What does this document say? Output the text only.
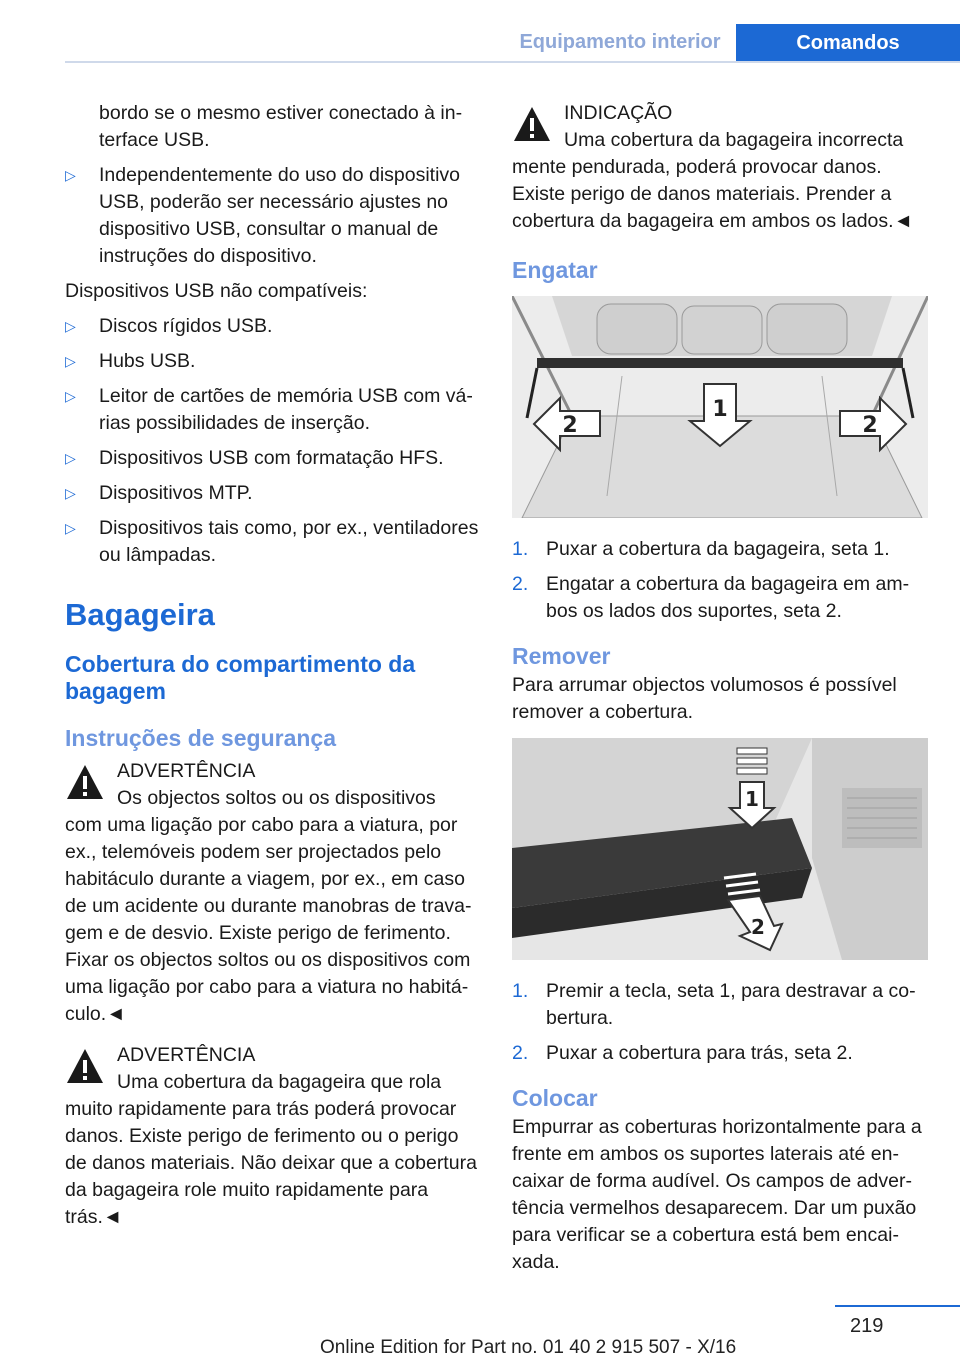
Equipamento interior	Comandos

bordo se o mesmo estiver conectado à interface USB.

▷ Independentemente do uso do dispositivo USB, poderão ser necessário ajustes no dispositivo USB, consultar o manual de instruções do dispositivo.

Dispositivos USB não compatíveis:

▷ Discos rígidos USB.
▷ Hubs USB.
▷ Leitor de cartões de memória USB com várias possibilidades de inserção.
▷ Dispositivos USB com formatação HFS.
▷ Dispositivos MTP.
▷ Dispositivos tais como, por ex., ventiladores ou lâmpadas.
Bagageira
Cobertura do compartimento da bagagem
Instruções de segurança
ADVERTÊNCIA
Os objectos soltos ou os dispositivos
com uma ligação por cabo para a viatura, por ex., telemóveis podem ser projectados pelo habitáculo durante a viagem, por ex., em caso de um acidente ou durante manobras de travagem e de desvio. Existe perigo de ferimento. Fixar os objectos soltos ou os dispositivos com uma ligação por cabo para a viatura no habitáculo.◄
ADVERTÊNCIA
Uma cobertura da bagageira que rola
muito rapidamente para trás poderá provocar danos. Existe perigo de ferimento ou o perigo de danos materiais. Não deixar que a cobertura da bagageira role muito rapidamente para trás.◄
INDICAÇÃO
Uma cobertura da bagageira incorrecta
mente pendurada, poderá provocar danos. Existe perigo de danos materiais. Prender a cobertura da bagageira em ambos os lados.◄
Engatar
1
2	2
1. Puxar a cobertura da bagageira, seta 1.
2. Engatar a cobertura da bagageira em ambos os lados dos suportes, seta 2.
Remover

Para arrumar objectos volumosos é possível remover a cobertura.

1
2
1. Premir a tecla, seta 1, para destravar a cobertura.
2. Puxar a cobertura para trás, seta 2.
Colocar

Empurrar as coberturas horizontalmente para a frente em ambos os suportes laterais até encaixar de forma audível. Os campos de advertência vermelhos desaparecem. Dar um puxão para verificar se a cobertura está bem encaixada.

219
Online Edition for Part no. 01 40 2 915 507 - X/16
